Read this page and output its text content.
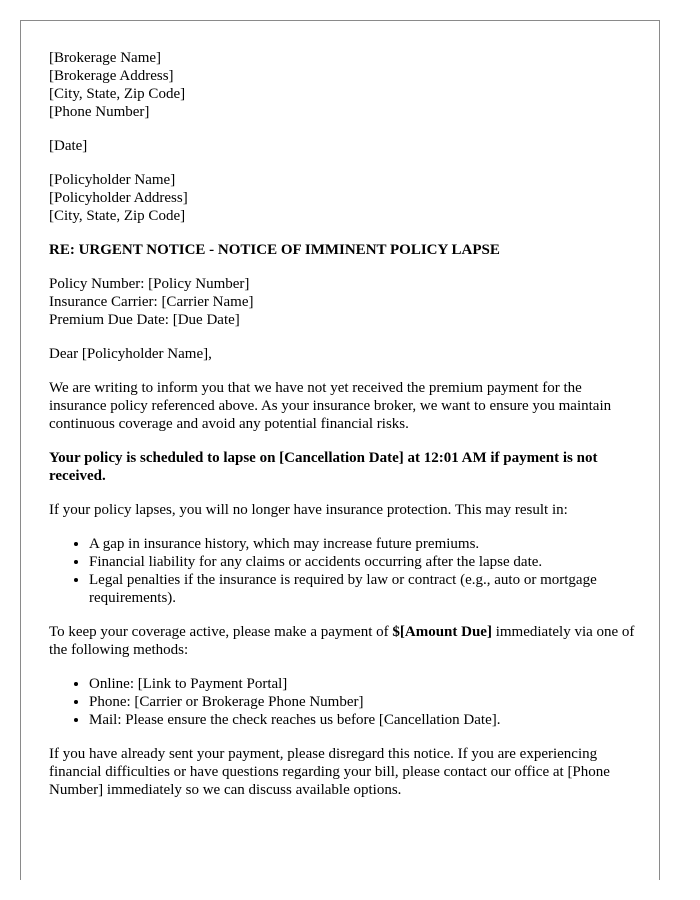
[Brokerage Name]
[Brokerage Address]
[City, State, Zip Code]
[Phone Number]
[Date]
[Policyholder Name]
[Policyholder Address]
[City, State, Zip Code]
RE: URGENT NOTICE - NOTICE OF IMMINENT POLICY LAPSE
Policy Number: [Policy Number]
Insurance Carrier: [Carrier Name]
Premium Due Date: [Due Date]

Dear [Policyholder Name],

We are writing to inform you that we have not yet received the premium payment for the insurance policy referenced above. As your insurance broker, we want to ensure you maintain continuous coverage and avoid any potential financial risks.

Your policy is scheduled to lapse on [Cancellation Date] at 12:01 AM if payment is not received.

If your policy lapses, you will no longer have insurance protection. This may result in:

• A gap in insurance history, which may increase future premiums.
• Financial liability for any claims or accidents occurring after the lapse date.
• Legal penalties if the insurance is required by law or contract (e.g., auto or mortgage requirements).

To keep your coverage active, please make a payment of $[Amount Due] immediately via one of the following methods:

• Online: [Link to Payment Portal]
• Phone: [Carrier or Brokerage Phone Number]
• Mail: Please ensure the check reaches us before [Cancellation Date].

If you have already sent your payment, please disregard this notice. If you are experiencing financial difficulties or have questions regarding your bill, please contact our office at [Phone Number] immediately so we can discuss available options.
